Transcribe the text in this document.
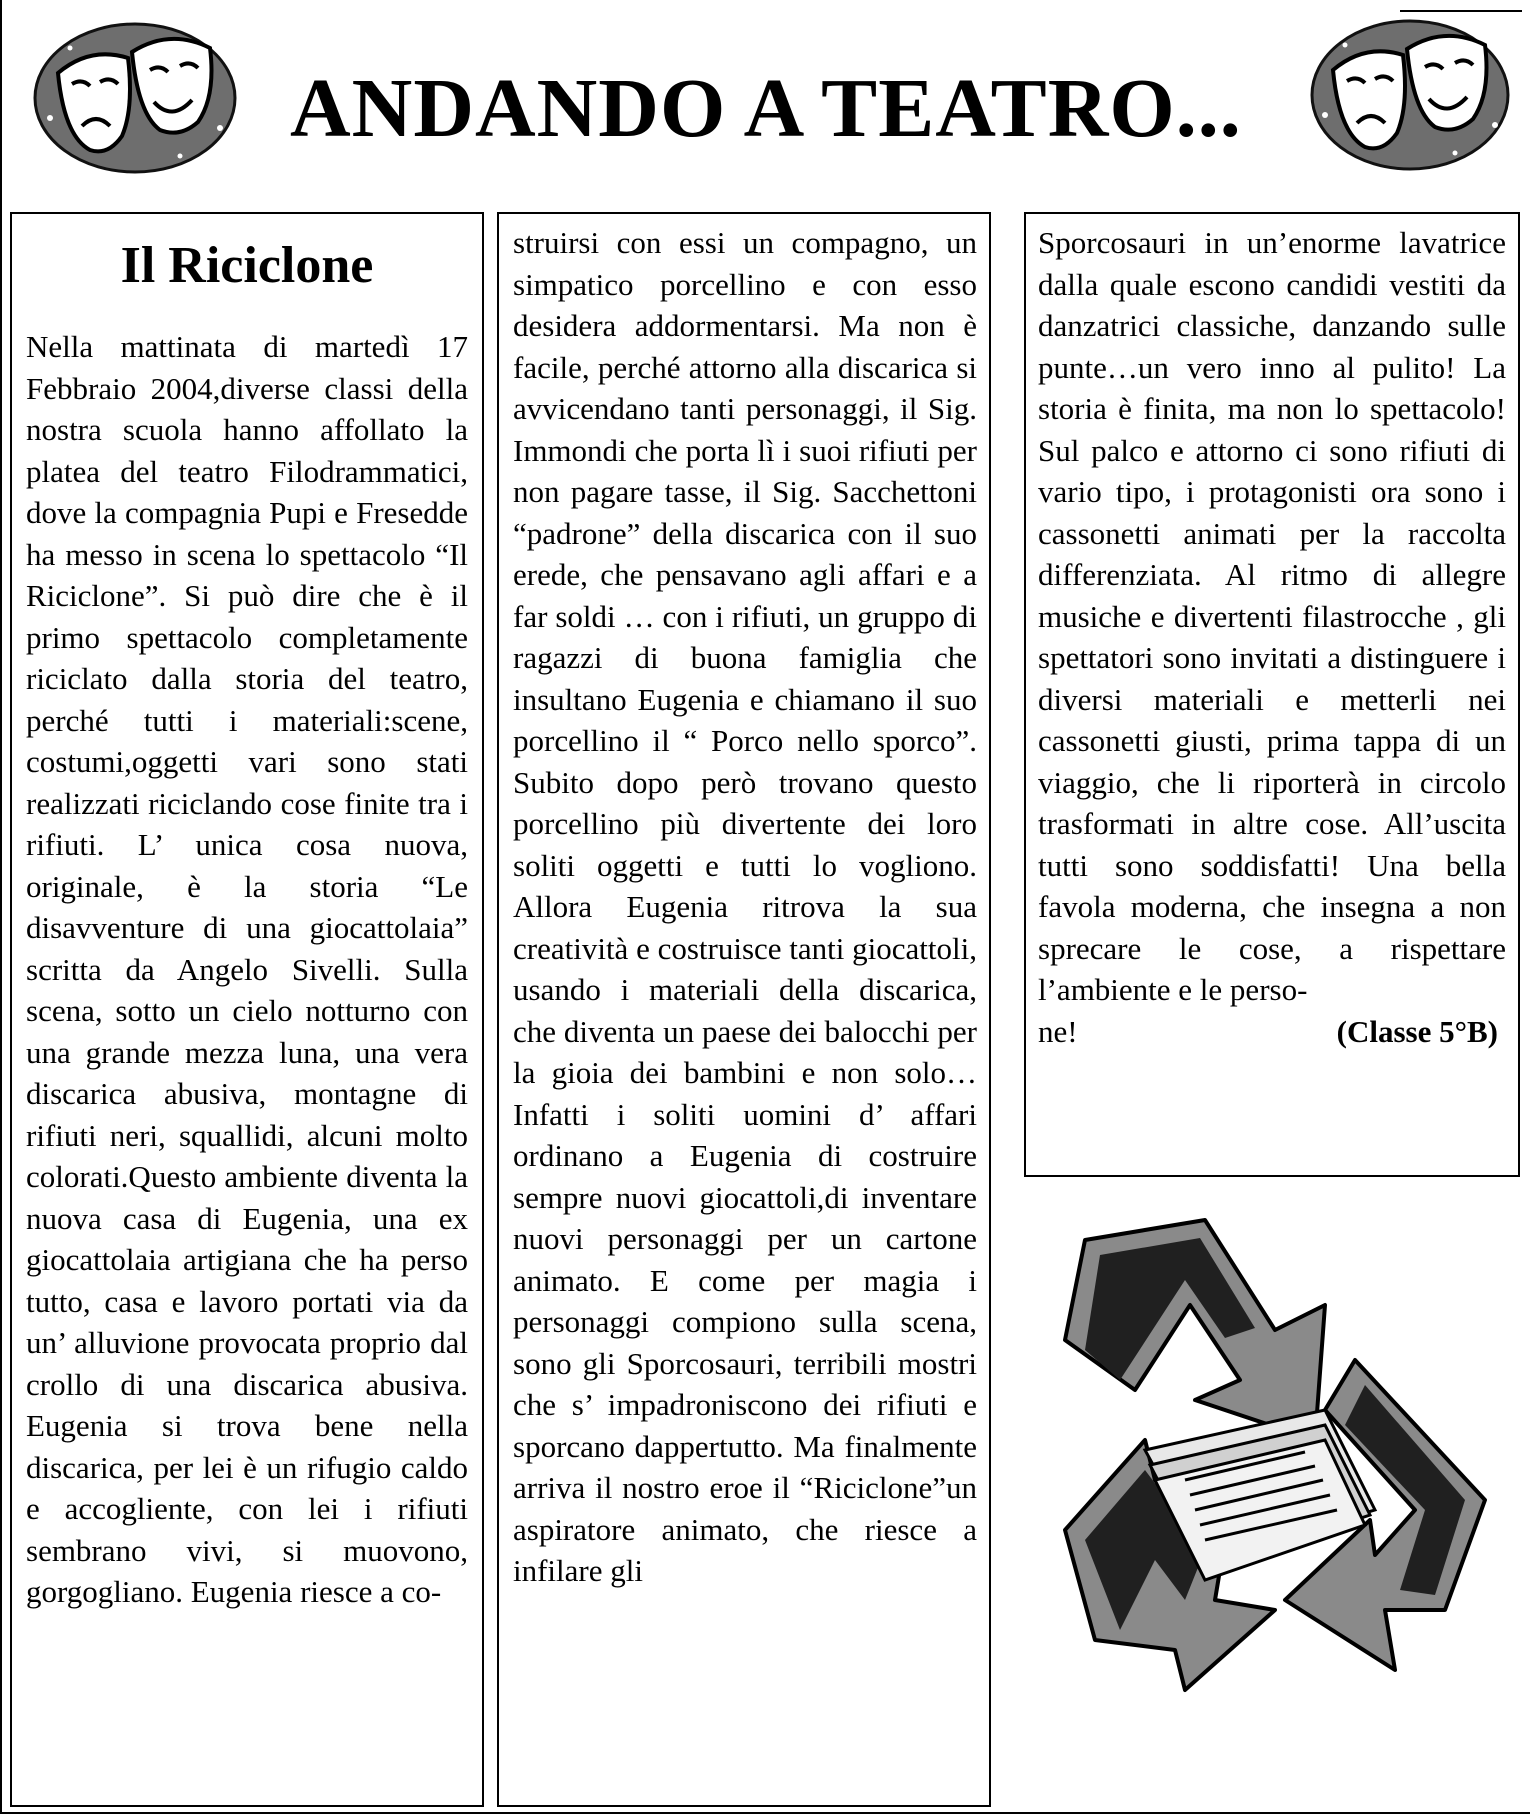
ANDANDO A TEATRO...
Il Riciclone
Nella mattinata di martedì 17 Febbraio 2004,diverse classi della nostra scuola hanno affollato la platea del teatro Filodrammatici, dove la compagnia Pupi e Fresedde ha messo in scena lo spettacolo “Il Riciclone”. Si può dire che è il primo spettacolo completamente riciclato dalla storia del teatro, perché tutti i materiali:scene, costumi,oggetti vari sono stati realizzati riciclando cose finite tra i rifiuti. L’ unica cosa nuova, originale, è la storia “Le disavventure di una giocattolaia” scritta da Angelo Sivelli. Sulla scena, sotto un cielo notturno con una grande mezza luna, una vera discarica abusiva, montagne di rifiuti neri, squallidi, alcuni molto colorati.Questo ambiente diventa la nuova casa di Eugenia, una ex giocattolaia artigiana che ha perso tutto, casa e lavoro portati via da un’ alluvione provocata proprio dal crollo di una discarica abusiva. Eugenia si trova bene nella discarica, per lei è un rifugio caldo e accogliente, con lei i rifiuti sembrano vivi, si muovono, gorgogliano. Eugenia riesce a co-
struirsi con essi un compagno, un simpatico porcellino e con esso desidera addormentarsi. Ma non è facile, perché attorno alla discarica si avvicendano tanti personaggi, il Sig. Immondi che porta lì i suoi rifiuti per non pagare tasse, il Sig. Sacchettoni “padrone” della discarica con il suo erede, che pensavano agli affari e a far soldi … con i rifiuti, un gruppo di ragazzi di buona famiglia che insultano Eugenia e chiamano il suo porcellino il “ Porco nello sporco”. Subito dopo però trovano questo porcellino più divertente dei loro soliti oggetti e tutti lo vogliono. Allora Eugenia ritrova la sua creatività e costruisce tanti giocattoli, usando i materiali della discarica, che diventa un paese dei balocchi per la gioia dei bambini e non solo…Infatti i soliti uomini d’ affari ordinano a Eugenia di costruire sempre nuovi giocattoli,di inventare nuovi personaggi per un cartone animato. E come per magia i personaggi compiono sulla scena, sono gli Sporcosauri, terribili mostri che s’ impadroniscono dei rifiuti e sporcano dappertutto. Ma finalmente arriva il nostro eroe il “Riciclone”un aspiratore animato, che riesce a infilare gli
Sporcosauri in un’enorme lavatrice dalla quale escono candidi vestiti da danzatrici classiche, danzando sulle punte…un vero inno al pulito! La storia è finita, ma non lo spettacolo! Sul palco e attorno ci sono rifiuti di vario tipo, i protagonisti ora sono i cassonetti animati per la raccolta differenziata. Al ritmo di allegre musiche e divertenti filastrocche , gli spettatori sono invitati a distinguere i diversi materiali e metterli nei cassonetti giusti, prima tappa di un viaggio, che li riporterà in circolo trasformati in altre cose. All’uscita tutti sono soddisfatti! Una bella favola moderna, che insegna a non sprecare le cose, a rispettare l’ambiente e le perso-
ne!	(Classe 5°B)
